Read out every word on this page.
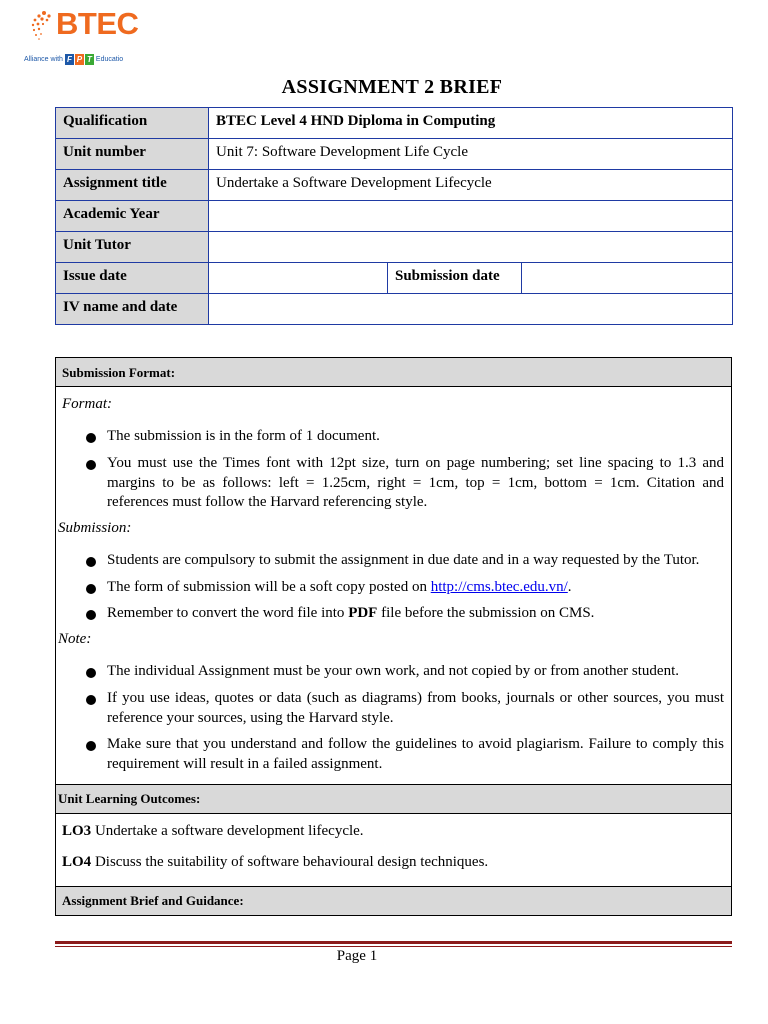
BTEC
Alliance with F P T Educatio
ASSIGNMENT 2 BRIEF
Qualification	BTEC Level 4 HND Diploma in Computing		
Unit number	Unit 7: Software Development Life Cycle		
Assignment title	Undertake a Software Development Lifecycle		
Academic Year			
Unit Tutor			
Issue date		Submission date	
IV name and date			
Submission Format:
Format:
The submission is in the form of 1 document.
You must use the Times font with 12pt size, turn on page numbering; set line spacing to 1.3 and margins to be as follows: left = 1.25cm, right = 1cm, top = 1cm, bottom = 1cm. Citation and references must follow the Harvard referencing style.
Submission:
Students are compulsory to submit the assignment in due date and in a way requested by the Tutor.
The form of submission will be a soft copy posted on http://cms.btec.edu.vn/.
Remember to convert the word file into PDF file before the submission on CMS.
Note:
The individual Assignment must be your own work, and not copied by or from another student.
If you use ideas, quotes or data (such as diagrams) from books, journals or other sources, you must reference your sources, using the Harvard style.
Make sure that you understand and follow the guidelines to avoid plagiarism. Failure to comply this requirement will result in a failed assignment.
Unit Learning Outcomes:
LO3 Undertake a software development lifecycle.
LO4 Discuss the suitability of software behavioural design techniques.
Assignment Brief and Guidance:
Page 1
